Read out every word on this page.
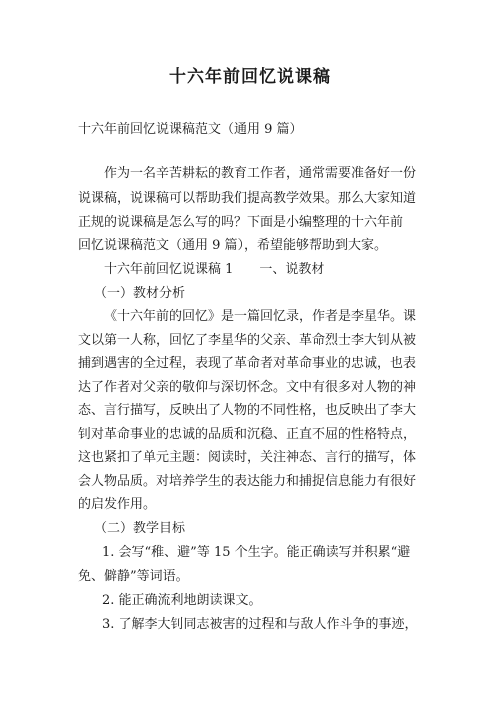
十六年前回忆说课稿
十六年前回忆说课稿范文（通用 9 篇）
作为一名辛苦耕耘的教育工作者，通常需要准备好一份
说课稿，说课稿可以帮助我们提高教学效果。那么大家知道
正规的说课稿是怎么写的吗？下面是小编整理的十六年前
回忆说课稿范文（通用 9 篇），希望能够帮助到大家。
十六年前回忆说课稿 1　　一、说教材
（一）教材分析
《十六年前的回忆》是一篇回忆录，作者是李星华。课
文以第一人称，回忆了李星华的父亲、革命烈士李大钊从被
捕到遇害的全过程，表现了革命者对革命事业的忠诚，也表
达了作者对父亲的敬仰与深切怀念。文中有很多对人物的神
态、言行描写，反映出了人物的不同性格，也反映出了李大
钊对革命事业的忠诚的品质和沉稳、正直不屈的性格特点，
这也紧扣了单元主题：阅读时，关注神态、言行的描写，体
会人物品质。对培养学生的表达能力和捕捉信息能力有很好
的启发作用。
（二）教学目标
1. 会写“稚、避”等 15 个生字。能正确读写并积累“避
免、僻静”等词语。
2. 能正确流利地朗读课文。
3. 了解李大钊同志被害的过程和与敌人作斗争的事迹，
